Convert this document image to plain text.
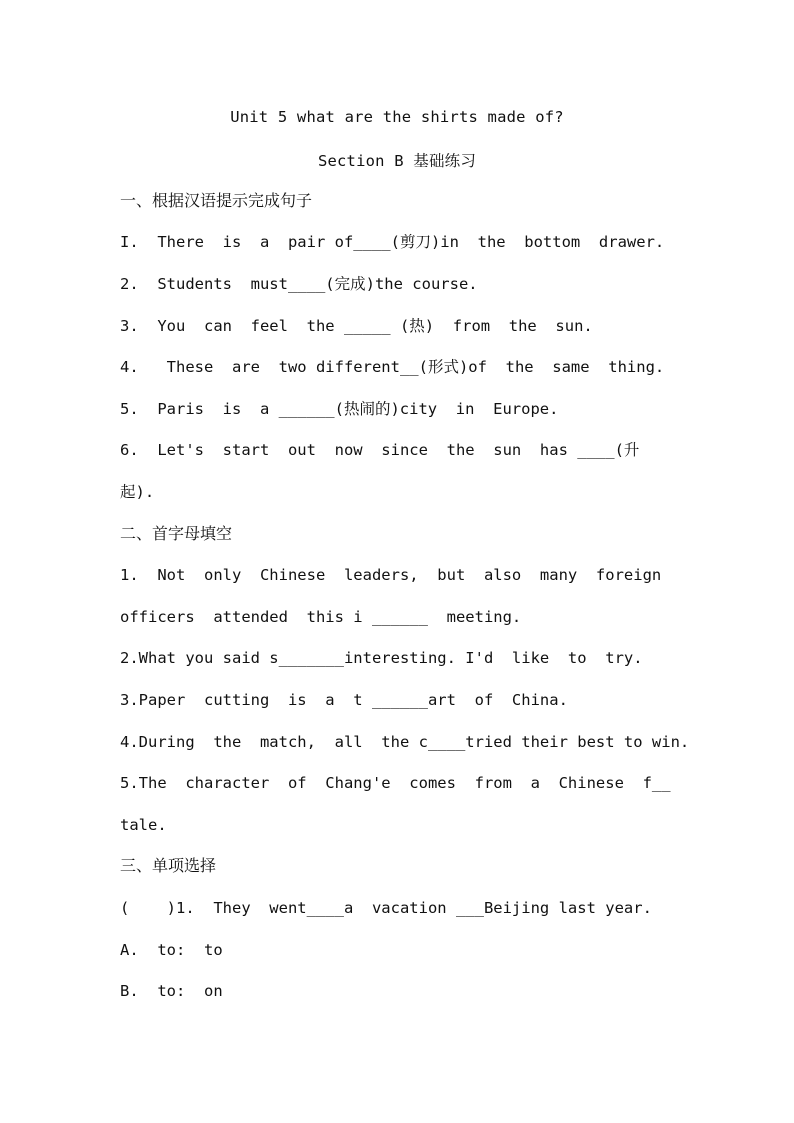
Unit 5 what are the shirts made of?
Section B 基础练习
一、根据汉语提示完成句子
I.  There  is  a  pair of____(剪刀)in  the  bottom  drawer.
2.  Students  must____(完成)the course.
3.  You  can  feel  the _____ (热)  from  the  sun.
4.   These  are  two different__(形式)of  the  same  thing.
5.  Paris  is  a ______(热闹的)city  in  Europe.
6.  Let's  start  out  now  since  the  sun  has ____(升
起).
二、首字母填空
1.  Not  only  Chinese  leaders,  but  also  many  foreign
officers  attended  this i ______  meeting.
2.What you said s_______interesting. I'd  like  to  try.
3.Paper  cutting  is  a  t ______art  of  China.
4.During  the  match,  all  the c____tried their best to win.
5.The  character  of  Chang'e  comes  from  a  Chinese  f__
tale.
三、单项选择
(    )1.  They  went____a  vacation ___Beijing last year.
A.  to:  to
B.  to:  on
